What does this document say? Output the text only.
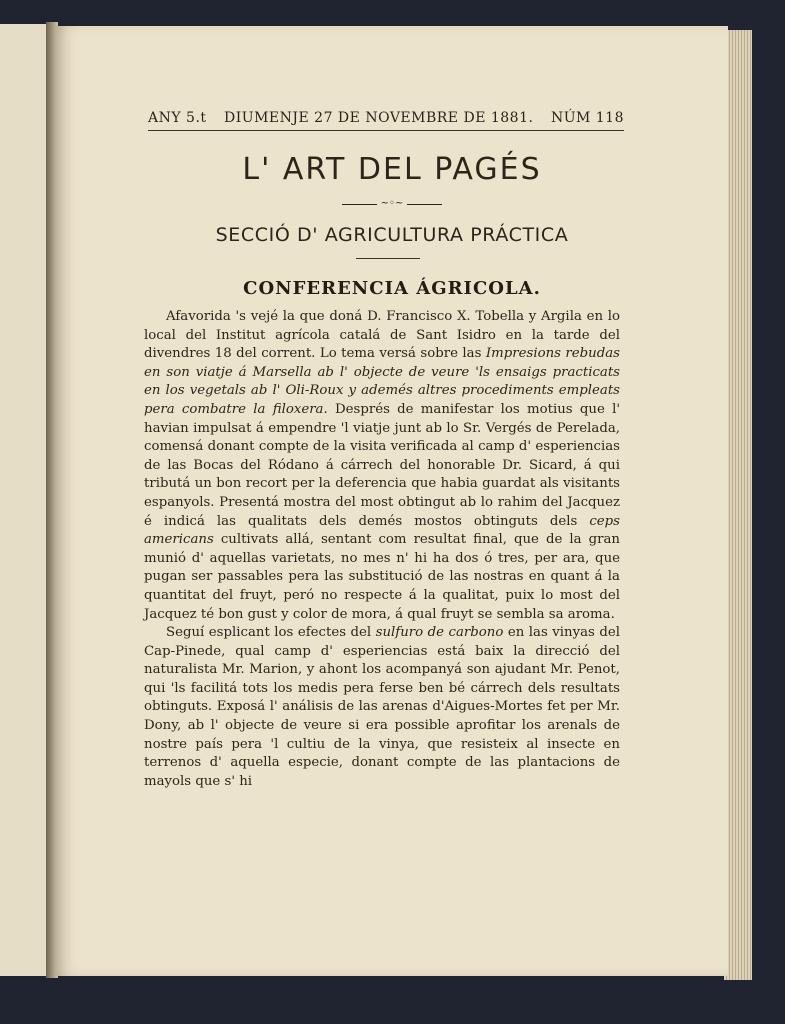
ANY 5.t DIUMENJE 27 DE NOVEMBRE DE 1881. NÚM 118
L' ART DEL PAGÉS
~◦~
SECCIÓ D' AGRICULTURA PRÁCTICA
CONFERENCIA ÁGRICOLA.

Afavorida 's vejé la que doná D. Francisco X. Tobella y Argila en lo local del Institut agrícola catalá de Sant Isidro en la tarde del divendres 18 del corrent. Lo tema versá sobre las Impresions rebudas en son viatje á Marsella ab l' objecte de veure 'ls ensaigs practicats en los vegetals ab l' Oli-Roux y ademés altres procediments empleats pera combatre la filoxera. Després de manifestar los motius que l' havian impulsat á empendre 'l viatje junt ab lo Sr. Vergés de Perelada, comensá donant compte de la visita verificada al camp d' esperiencias de las Bocas del Ródano á cárrech del honorable Dr. Sicard, á qui tributá un bon recort per la deferencia que habia guardat als visitants espanyols. Presentá mostra del most obtingut ab lo rahim del Jacquez é indicá las qualitats dels demés mostos obtinguts dels ceps americans cultivats allá, sentant com resultat final, que de la gran munió d' aquellas varietats, no mes n' hi ha dos ó tres, per ara, que pugan ser passables pera las substitució de las nostras en quant á la quantitat del fruyt, peró no respecte á la qualitat, puix lo most del Jacquez té bon gust y color de mora, á qual fruyt se sembla sa aroma.

Seguí esplicant los efectes del sulfuro de carbono en las vinyas del Cap-Pinede, qual camp d' esperiencias está baix la direcció del naturalista Mr. Marion, y ahont los acompanyá son ajudant Mr. Penot, qui 'ls facilitá tots los medis pera ferse ben bé cárrech dels resultats obtinguts. Exposá l' análisis de las arenas d'Aigues-Mortes fet per Mr. Dony, ab l' objecte de veure si era possible aprofitar los arenals de nostre país pera 'l cultiu de la vinya, que resisteix al insecte en terrenos d' aquella especie, donant compte de las plantacions de mayols que s' hi
